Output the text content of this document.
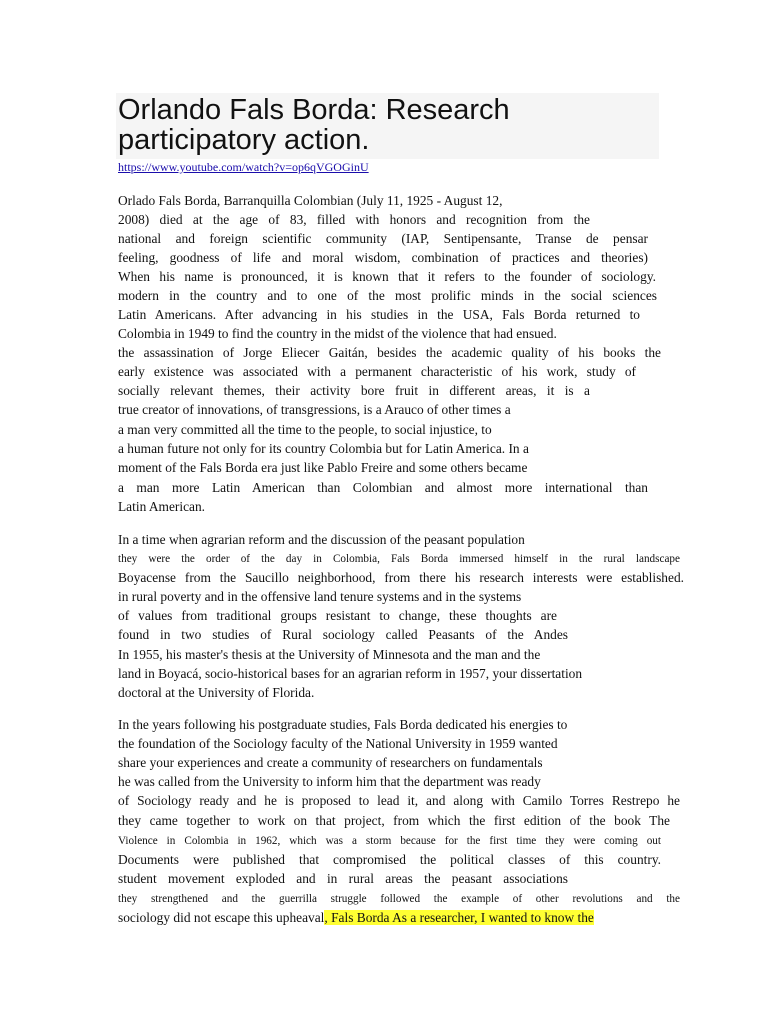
Orlando Fals Borda: Research
participatory action.
https://www.youtube.com/watch?v=op6qVGOGinU
Orlado Fals Borda, Barranquilla Colombian (July 11, 1925 - August 12,
2008) died at the age of 83, filled with honors and recognition from the
national and foreign scientific community (IAP, Sentipensante, Transe de pensar
feeling, goodness of life and moral wisdom, combination of practices and theories)
When his name is pronounced, it is known that it refers to the founder of sociology.
modern in the country and to one of the most prolific minds in the social sciences
Latin Americans. After advancing in his studies in the USA, Fals Borda returned to
Colombia in 1949 to find the country in the midst of the violence that had ensued.
the assassination of Jorge Eliecer Gaitán, besides the academic quality of his books the
early existence was associated with a permanent characteristic of his work, study of
socially relevant themes, their activity bore fruit in different areas, it is a
true creator of innovations, of transgressions, is a Arauco of other times a
a man very committed all the time to the people, to social injustice, to
a human future not only for its country Colombia but for Latin America. In a
moment of the Fals Borda era just like Pablo Freire and some others became
a man more Latin American than Colombian and almost more international than
Latin American.
In a time when agrarian reform and the discussion of the peasant population
they were the order of the day in Colombia, Fals Borda immersed himself in the rural landscape
Boyacense from the Saucillo neighborhood, from there his research interests were established.
in rural poverty and in the offensive land tenure systems and in the systems
of values from traditional groups resistant to change, these thoughts are
found in two studies of Rural sociology called Peasants of the Andes
In 1955, his master's thesis at the University of Minnesota and the man and the
land in Boyacá, socio-historical bases for an agrarian reform in 1957, your dissertation
doctoral at the University of Florida.
In the years following his postgraduate studies, Fals Borda dedicated his energies to
the foundation of the Sociology faculty of the National University in 1959 wanted
share your experiences and create a community of researchers on fundamentals
he was called from the University to inform him that the department was ready
of Sociology ready and he is proposed to lead it, and along with Camilo Torres Restrepo he
they came together to work on that project, from which the first edition of the book The
Violence in Colombia in 1962, which was a storm because for the first time they were coming out
Documents were published that compromised the political classes of this country.
student movement exploded and in rural areas the peasant associations
they strengthened and the guerrilla struggle followed the example of other revolutions and the
sociology did not escape this upheaval, Fals Borda As a researcher, I wanted to know the
